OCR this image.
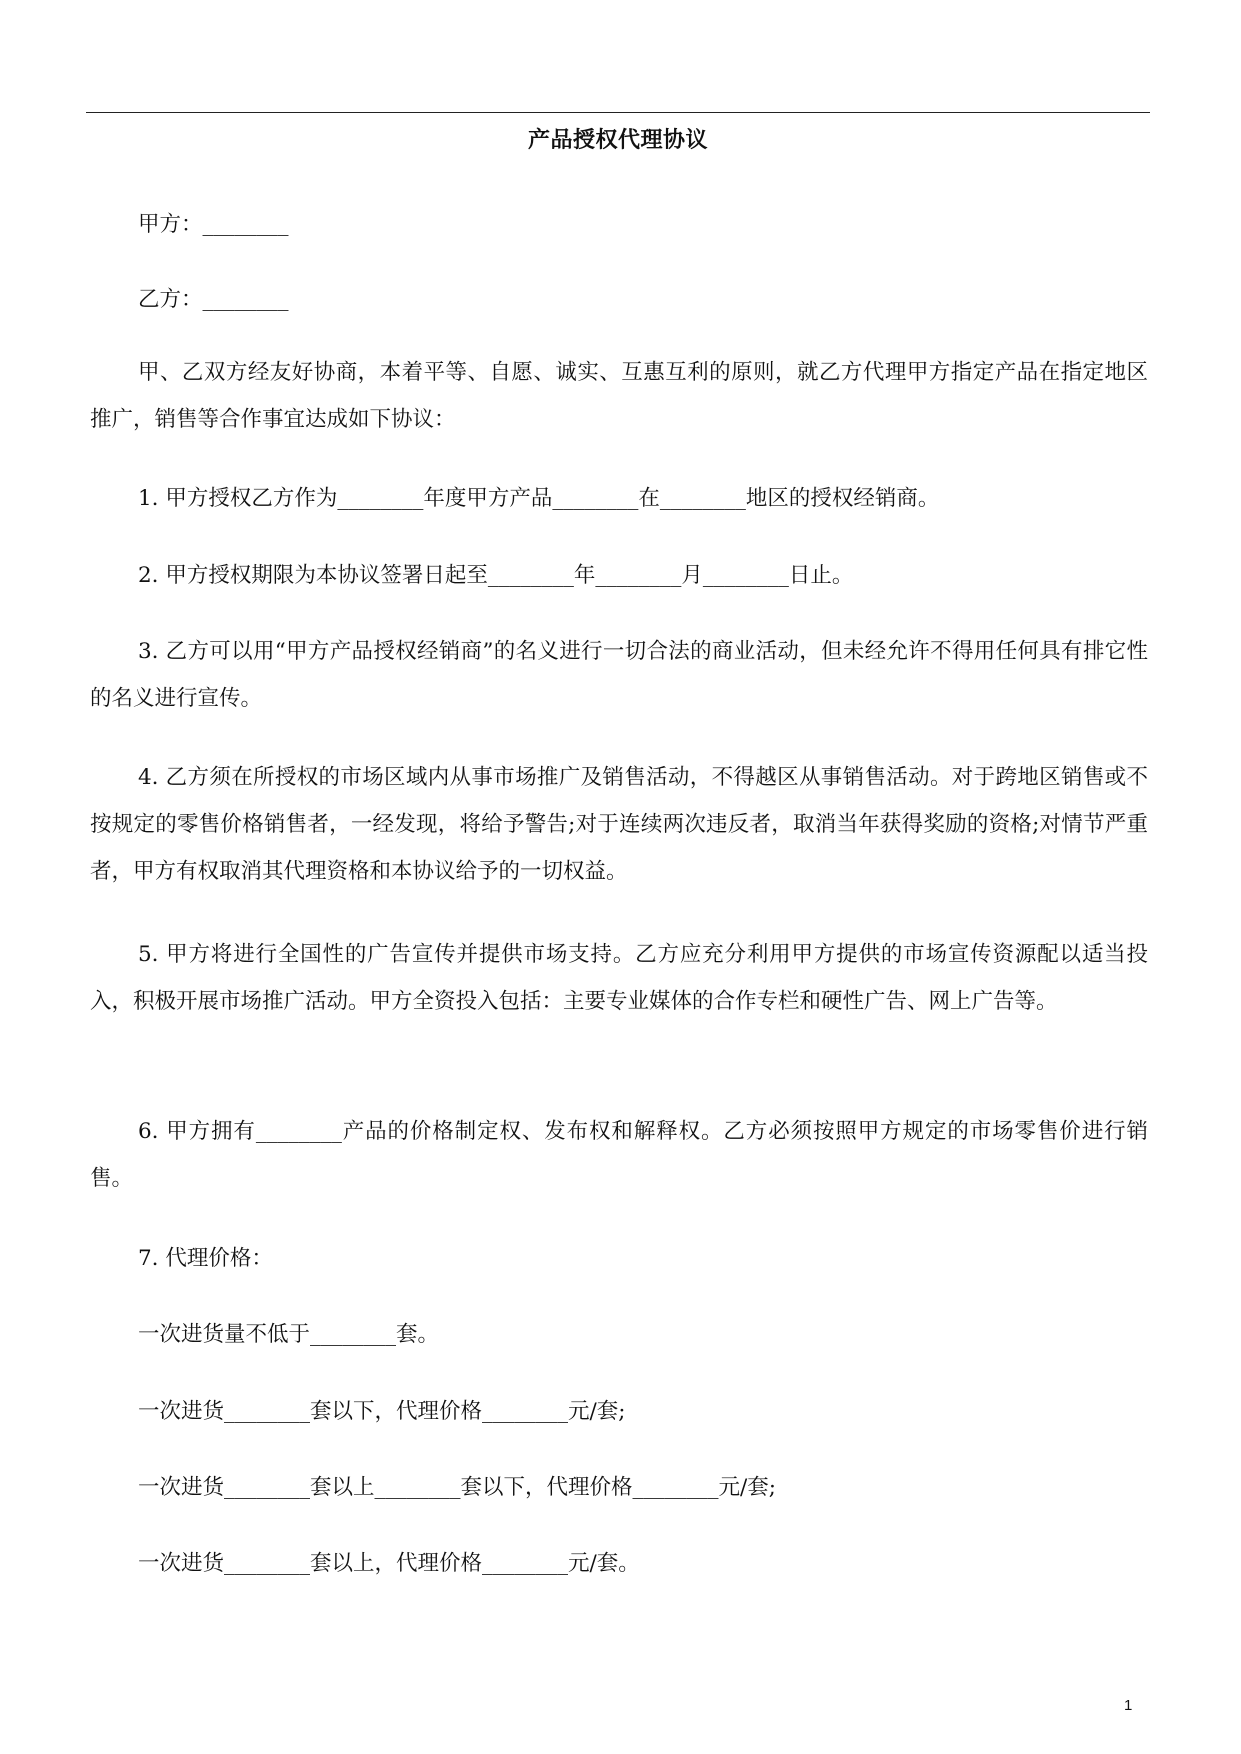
产品授权代理协议

甲方：________

乙方：________

甲、乙双方经友好协商，本着平等、自愿、诚实、互惠互利的原则，就乙方代理甲方指定产品在指定地区推广，销售等合作事宜达成如下协议：

1. 甲方授权乙方作为________年度甲方产品________在________地区的授权经销商。

2. 甲方授权期限为本协议签署日起至________年________月________日止。

3. 乙方可以用“甲方产品授权经销商”的名义进行一切合法的商业活动，但未经允许不得用任何具有排它性的名义进行宣传。

4. 乙方须在所授权的市场区域内从事市场推广及销售活动，不得越区从事销售活动。对于跨地区销售或不按规定的零售价格销售者，一经发现，将给予警告;对于连续两次违反者，取消当年获得奖励的资格;对情节严重者，甲方有权取消其代理资格和本协议给予的一切权益。

5. 甲方将进行全国性的广告宣传并提供市场支持。乙方应充分利用甲方提供的市场宣传资源配以适当投入，积极开展市场推广活动。甲方全资投入包括：主要专业媒体的合作专栏和硬性广告、网上广告等。

6. 甲方拥有________产品的价格制定权、发布权和解释权。乙方必须按照甲方规定的市场零售价进行销售。

7. 代理价格：

一次进货量不低于________套。

一次进货________套以下，代理价格________元/套;

一次进货________套以上________套以下，代理价格________元/套;

一次进货________套以上，代理价格________元/套。

1
